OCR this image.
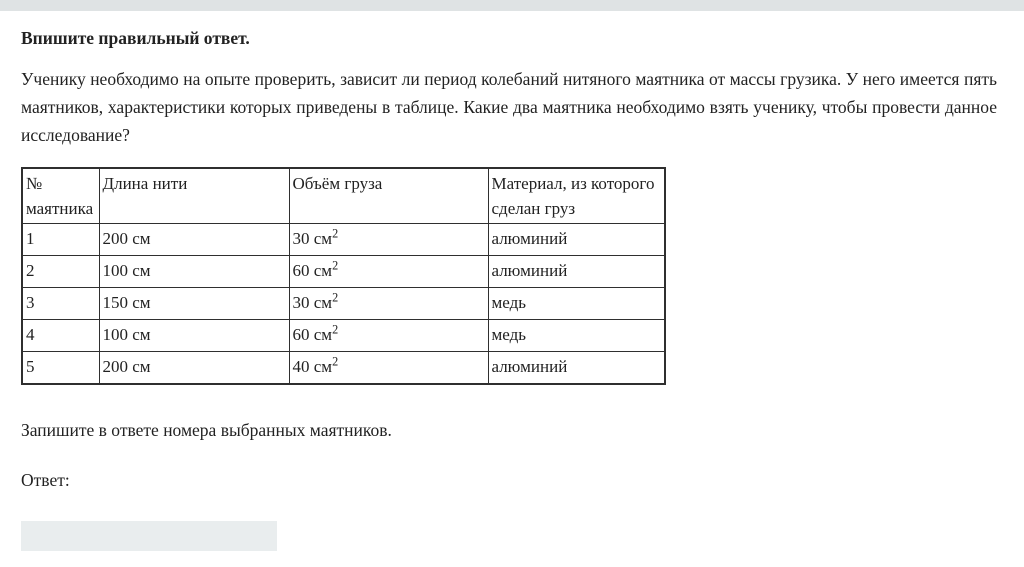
Впишите правильный ответ.

Ученику необходимо на опыте проверить, зависит ли период колебаний нитяного маятника от массы грузика. У него имеется пять маятников, характеристики которых приведены в таблице. Какие два маятника необходимо взять ученику, чтобы провести данное исследование?

№ маятника	Длина нити	Объём груза	Материал, из которого сделан груз
1	200 см	30 $см^2$	алюминий
2	100 см	60 $см^2$	алюминий
3	150 см	30 $см^2$	медь
4	100 см	60 $см^2$	медь
5	200 см	40 $см^2$	алюминий

Запишите в ответе номера выбранных маятников.

Ответ:
